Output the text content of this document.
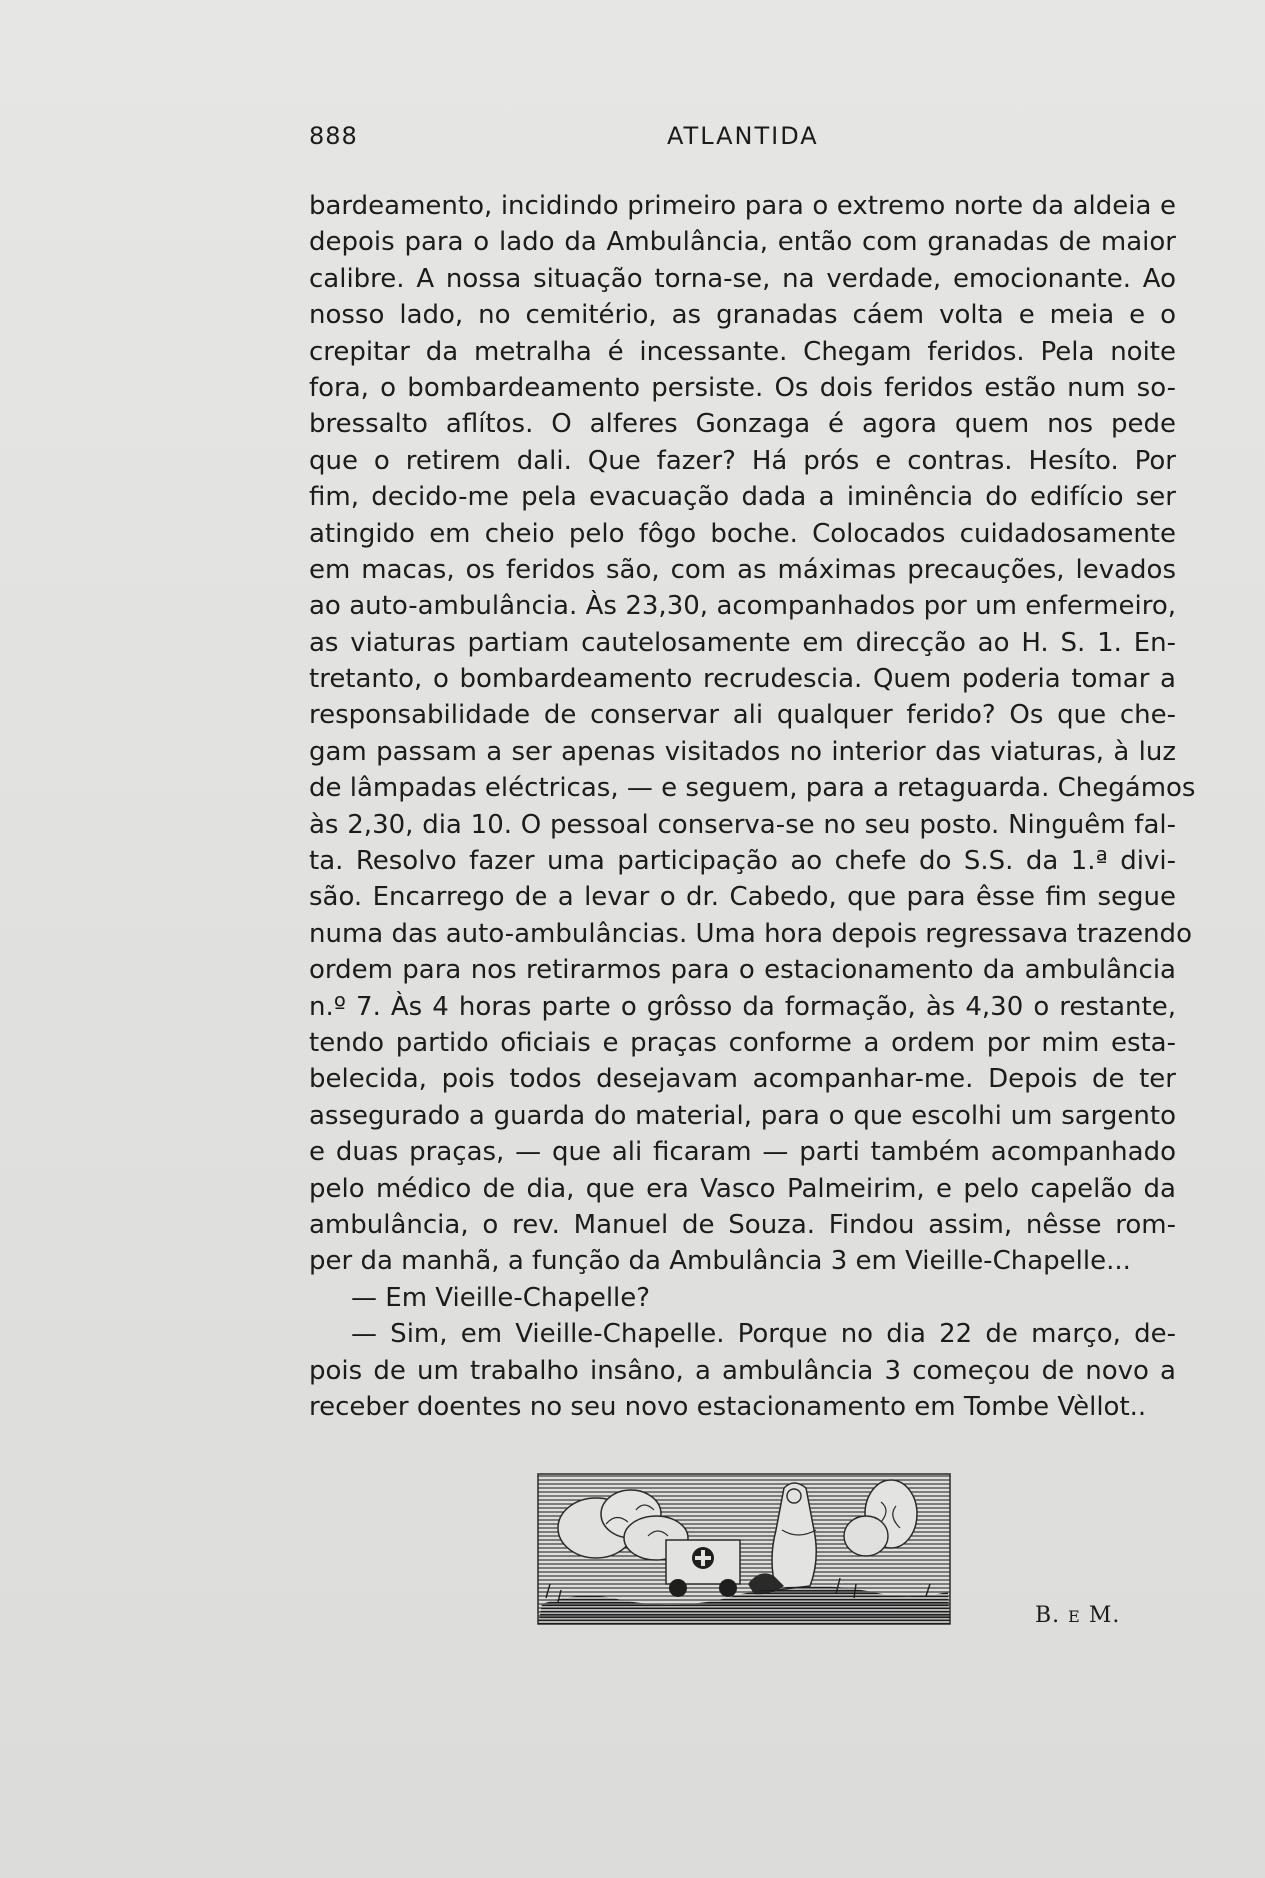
888	ATLANTIDA
bardeamento, incidindo primeiro para o extremo norte da aldeia e
depois para o lado da Ambulância, então com granadas de maior
calibre. A nossa situação torna-se, na verdade, emocionante. Ao
nosso lado, no cemitério, as granadas cáem volta e meia e o
crepitar da metralha é incessante. Chegam feridos. Pela noite
fora, o bombardeamento persiste. Os dois feridos estão num so-
bressalto aflítos. O alferes Gonzaga é agora quem nos pede
que o retirem dali. Que fazer? Há prós e contras. Hesíto. Por
fim, decido-me pela evacuação dada a iminência do edifício ser
atingido em cheio pelo fôgo boche. Colocados cuidadosamente
em macas, os feridos são, com as máximas precauções, levados
ao auto-ambulância. Às 23,30, acompanhados por um enfermeiro,
as viaturas partiam cautelosamente em direcção ao H. S. 1. En-
tretanto, o bombardeamento recrudescia. Quem poderia tomar a
responsabilidade de conservar ali qualquer ferido? Os que che-
gam passam a ser apenas visitados no interior das viaturas, à luz
de lâmpadas eléctricas, — e seguem, para a retaguarda. Chegámos
às 2,30, dia 10. O pessoal conserva-se no seu posto. Ninguêm fal-
ta. Resolvo fazer uma participação ao chefe do S.S. da 1.ª divi-
são. Encarrego de a levar o dr. Cabedo, que para êsse fim segue
numa das auto-ambulâncias. Uma hora depois regressava trazendo
ordem para nos retirarmos para o estacionamento da ambulância
n.º 7. Às 4 horas parte o grôsso da formação, às 4,30 o restante,
tendo partido oficiais e praças conforme a ordem por mim esta-
belecida, pois todos desejavam acompanhar-me. Depois de ter
assegurado a guarda do material, para o que escolhi um sargento
e duas praças, — que ali ficaram — parti também acompanhado
pelo médico de dia, que era Vasco Palmeirim, e pelo capelão da
ambulância, o rev. Manuel de Souza. Findou assim, nêsse rom-
per da manhã, a função da Ambulância 3 em Vieille-Chapelle...
— Em Vieille-Chapelle?
— Sim, em Vieille-Chapelle. Porque no dia 22 de março, de-
pois de um trabalho insâno, a ambulância 3 começou de novo a
receber doentes no seu novo estacionamento em Tombe Vèllot..
B. E M.
